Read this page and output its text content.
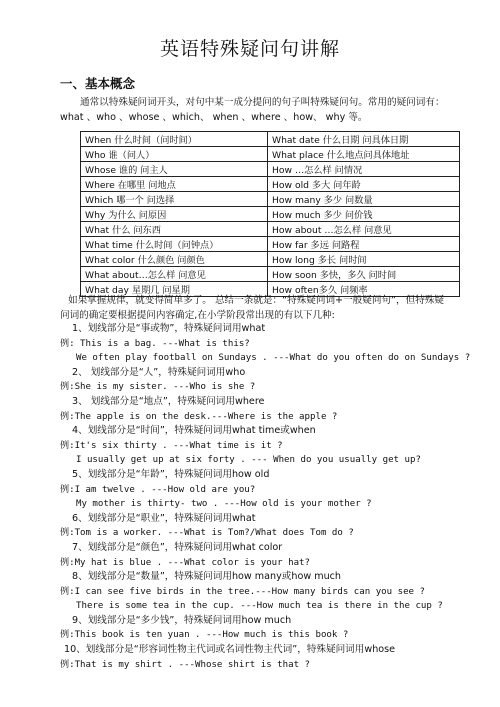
英语特殊疑问句讲解
一、基本概念
通常以特殊疑问词开头，对句中某一成分提问的句子叫特殊疑问句。常用的疑问词有：what 、who 、whose 、which、 when 、where 、how、 why 等。
When 什么时间（问时间）	What date 什么日期 问具体日期
Who 谁（问人）	What place 什么地点问具体地址
Whose 谁的 问主人	How …怎么样 问情况
Where 在哪里 问地点	How old 多大 问年龄
Which 哪一个 问选择	How many 多少 问数量
Why 为什么 问原因	How much 多少 问价钱
What 什么 问东西	How about …怎么样 问意见
What time 什么时间（问钟点）	How far 多远 问路程
What color 什么颜色 问颜色	How long 多长 问时间
What about…怎么样 问意见	How soon 多快，多久 问时间
What day 星期几 问星期	How often多久 问频率
如果掌握规律，就变得简单多了。 总结一条就是：“特殊疑问词+一般疑问句”，但特殊疑问词的确定要根据提问内容确定,在小学阶段常出现的有以下几种:
1、划线部分是“事或物”，特殊疑问词用what
例: This is a bag. ---What is this?
We often play football on Sundays . ---What do you often do on Sundays ?
2、 划线部分是“人”，特殊疑问词用who
例:She is my sister. ---Who is she ?
3、 划线部分是“地点”，特殊疑问词用where
例:The apple is on the desk.---Where is the apple ?
4、划线部分是“时间”，特殊疑问词用what time或when
例:It's six thirty . ---What time is it ?
I usually get up at six forty . --- When do you usually get up?
5、划线部分是“年龄”，特殊疑问词用how old
例:I am twelve . ---How old are you?
My mother is thirty- two . ---How old is your mother ?
6、划线部分是“职业”，特殊疑问词用what
例:Tom is a worker. ---What is Tom?/What does Tom do ?
7、划线部分是“颜色”，特殊疑问词用what color
例:My hat is blue . ---What color is your hat?
8、划线部分是“数量”，特殊疑问词用how many或how much
例:I can see five birds in the tree.---How many birds can you see ?
There is some tea in the cup. ---How much tea is there in the cup ?
9、划线部分是“多少钱”，特殊疑问词用how much
例:This book is ten yuan . ---How much is this book ?
10、划线部分是“形容词性物主代词或名词性物主代词”，特殊疑问词用whose
例:That is my shirt . ---Whose shirt is that ?
